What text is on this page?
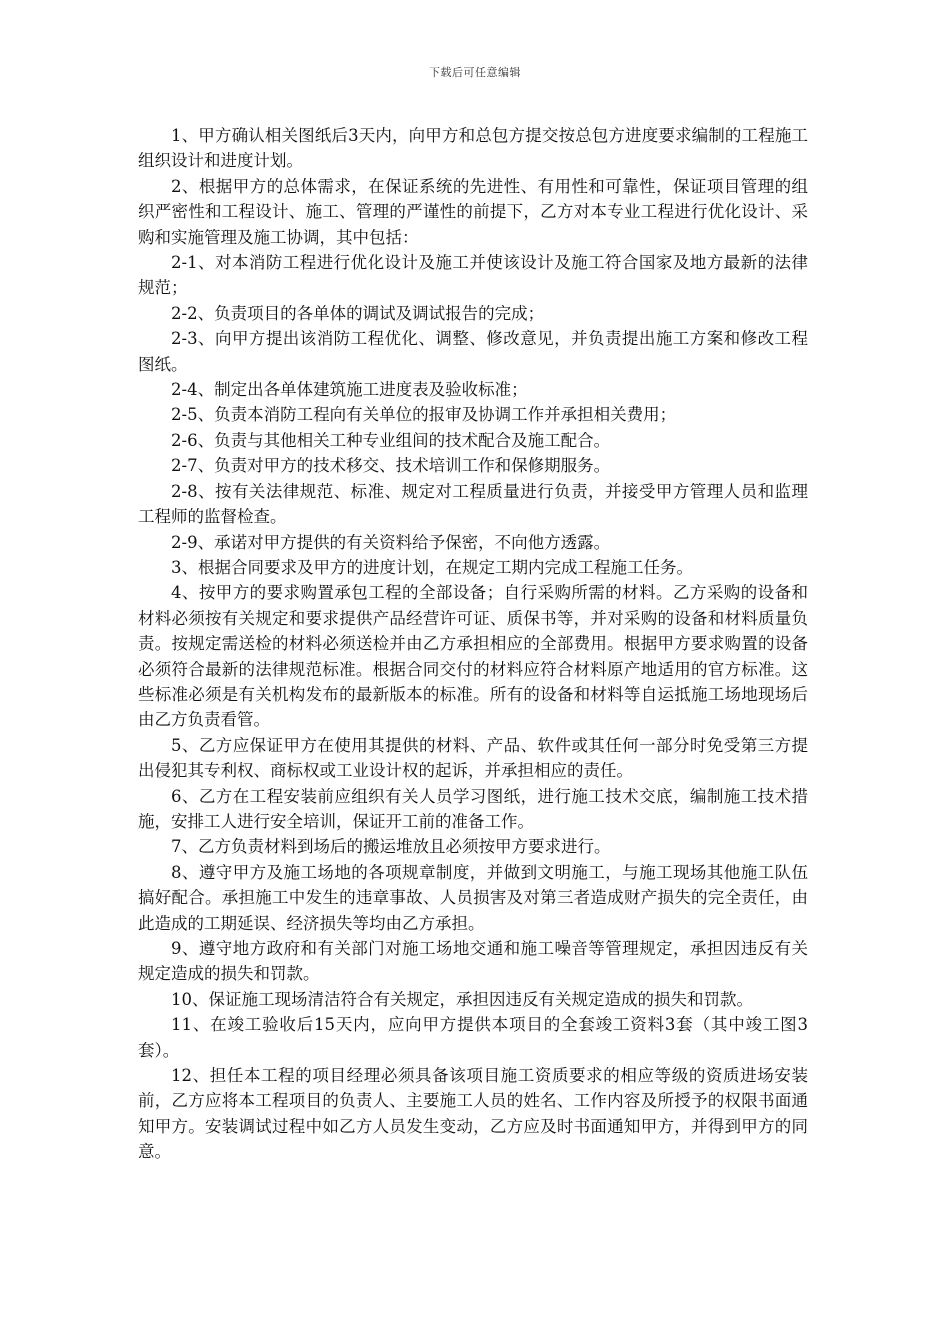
下载后可任意编辑

1、甲方确认相关图纸后3天内，向甲方和总包方提交按总包方进度要求编制的工程施工组织设计和进度计划。

2、根据甲方的总体需求，在保证系统的先进性、有用性和可靠性，保证项目管理的组织严密性和工程设计、施工、管理的严谨性的前提下，乙方对本专业工程进行优化设计、采购和实施管理及施工协调，其中包括：

2-1、对本消防工程进行优化设计及施工并使该设计及施工符合国家及地方最新的法律规范；

2-2、负责项目的各单体的调试及调试报告的完成；

2-3、向甲方提出该消防工程优化、调整、修改意见，并负责提出施工方案和修改工程图纸。

2-4、制定出各单体建筑施工进度表及验收标准；

2-5、负责本消防工程向有关单位的报审及协调工作并承担相关费用；

2-6、负责与其他相关工种专业组间的技术配合及施工配合。

2-7、负责对甲方的技术移交、技术培训工作和保修期服务。

2-8、按有关法律规范、标准、规定对工程质量进行负责，并接受甲方管理人员和监理工程师的监督检查。

2-9、承诺对甲方提供的有关资料给予保密，不向他方透露。

3、根据合同要求及甲方的进度计划，在规定工期内完成工程施工任务。

4、按甲方的要求购置承包工程的全部设备；自行采购所需的材料。乙方采购的设备和材料必须按有关规定和要求提供产品经营许可证、质保书等，并对采购的设备和材料质量负责。按规定需送检的材料必须送检并由乙方承担相应的全部费用。根据甲方要求购置的设备必须符合最新的法律规范标准。根据合同交付的材料应符合材料原产地适用的官方标准。这些标准必须是有关机构发布的最新版本的标准。所有的设备和材料等自运抵施工场地现场后由乙方负责看管。

5、乙方应保证甲方在使用其提供的材料、产品、软件或其任何一部分时免受第三方提出侵犯其专利权、商标权或工业设计权的起诉，并承担相应的责任。

6、乙方在工程安装前应组织有关人员学习图纸，进行施工技术交底，编制施工技术措施，安排工人进行安全培训，保证开工前的准备工作。

7、乙方负责材料到场后的搬运堆放且必须按甲方要求进行。

8、遵守甲方及施工场地的各项规章制度，并做到文明施工，与施工现场其他施工队伍搞好配合。承担施工中发生的违章事故、人员损害及对第三者造成财产损失的完全责任，由此造成的工期延误、经济损失等均由乙方承担。

9、遵守地方政府和有关部门对施工场地交通和施工噪音等管理规定，承担因违反有关规定造成的损失和罚款。

10、保证施工现场清洁符合有关规定，承担因违反有关规定造成的损失和罚款。

11、在竣工验收后15天内，应向甲方提供本项目的全套竣工资料3套（其中竣工图3套）。

12、担任本工程的项目经理必须具备该项目施工资质要求的相应等级的资质进场安装前，乙方应将本工程项目的负责人、主要施工人员的姓名、工作内容及所授予的权限书面通知甲方。安装调试过程中如乙方人员发生变动，乙方应及时书面通知甲方，并得到甲方的同意。
